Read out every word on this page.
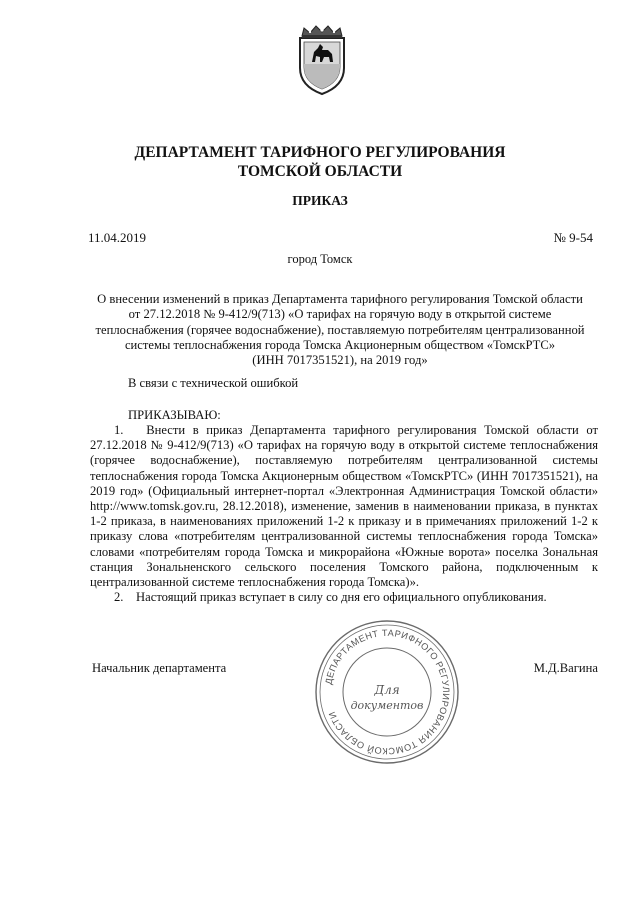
ДЕПАРТАМЕНТ ТАРИФНОГО РЕГУЛИРОВАНИЯ
ТОМСКОЙ ОБЛАСТИ
ПРИКАЗ
11.04.2019	№ 9-54
город Томск
О внесении изменений в приказ Департамента тарифного регулирования Томской области
от 27.12.2018 № 9-412/9(713) «О тарифах на горячую воду в открытой системе
теплоснабжения (горячее водоснабжение), поставляемую потребителям централизованной
системы теплоснабжения города Томска Акционерным обществом «ТомскРТС»
(ИНН 7017351521), на 2019 год»
В связи с технической ошибкой
ПРИКАЗЫВАЮ:

1. Внести в приказ Департамента тарифного регулирования Томской области от 27.12.2018 № 9-412/9(713) «О тарифах на горячую воду в открытой системе теплоснабжения (горячее водоснабжение), поставляемую потребителям централизованной системы теплоснабжения города Томска Акционерным обществом «ТомскРТС» (ИНН 7017351521), на 2019 год» (Официальный интернет-портал «Электронная Администрация Томской области» http://www.tomsk.gov.ru, 28.12.2018), изменение, заменив в наименовании приказа, в пунктах 1-2 приказа, в наименованиях приложений 1-2 к приказу и в примечаниях приложений 1-2 к приказу слова «потребителям централизованной системы теплоснабжения города Томска» словами «потребителям города Томска и микрорайона «Южные ворота» поселка Зональная станция Зональненского сельского поселения Томского района, подключенным к централизованной системе теплоснабжения города Томска)».

2. Настоящий приказ вступает в силу со дня его официального опубликования.

Начальник департамента	М.Д.Вагина
ДЕПАРТАМЕНТ ТАРИФНОГО РЕГУЛИРОВАНИЯ ТОМСКОЙ ОБЛАСТИ
Для
документов
